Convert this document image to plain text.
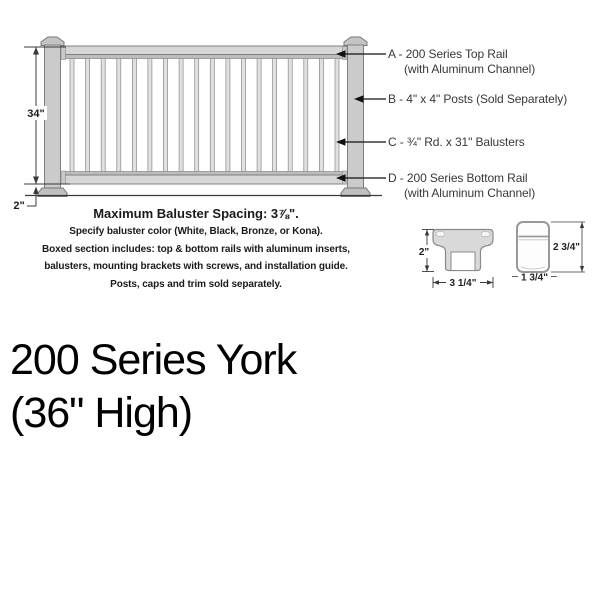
34"
2"
A - 200 Series Top Rail
(with Aluminum Channel)
B - 4" x 4" Posts (Sold Separately)
C - ¾" Rd. x 31" Balusters
D - 200 Series Bottom Rail
(with Aluminum Channel)
2"
3 1/4"
2 3/4"
1 3/4"
Maximum Baluster Spacing: 3⅞".
Specify baluster color (White, Black, Bronze, or Kona).
Boxed section includes: top & bottom rails with aluminum inserts,
balusters, mounting brackets with screws, and installation guide.
Posts, caps and trim sold separately.
200 Series York
(36" High)
